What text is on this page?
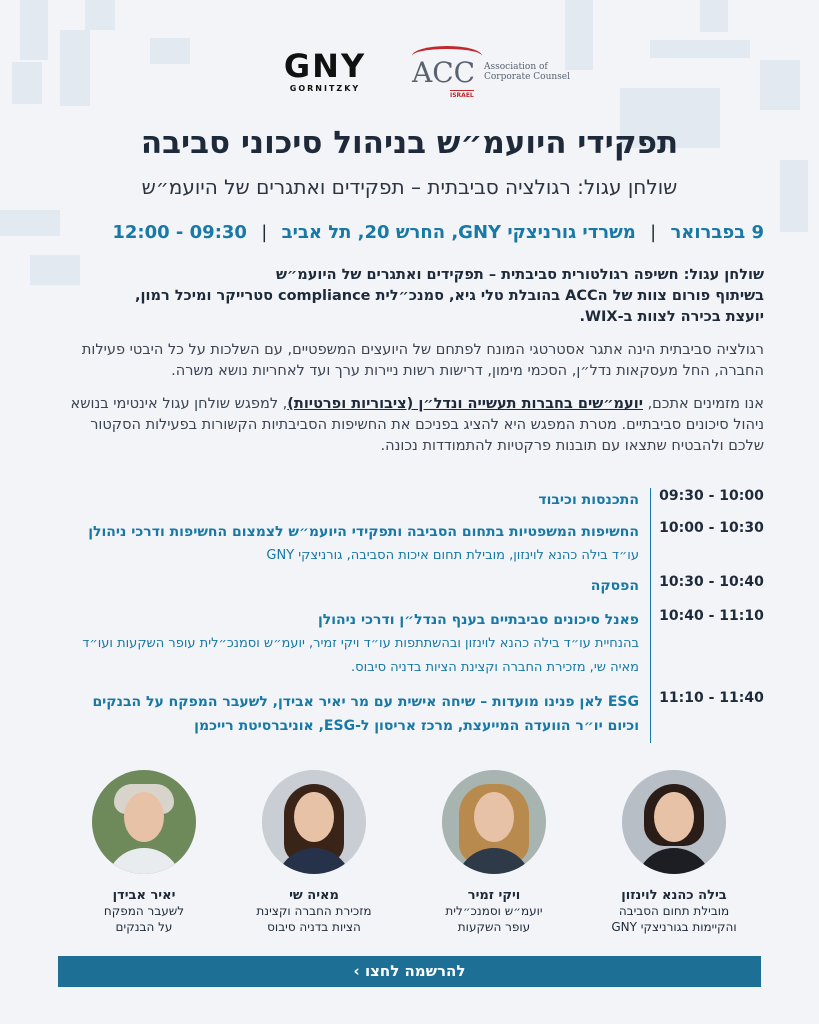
GNY
GORNITZKY	ACC Association of
Corporate Counsel
ISRAEL
תפקידי היועמ״ש בניהול סיכוני סביבה
שולחן עגול: רגולציה סביבתית – תפקידים ואתגרים של היועמ״ש
9 בפברואר | משרדי גורניצקי GNY, החרש 20, תל אביב | 09:30 - 12:00
שולחן עגול: חשיפה רגולטורית סביבתית – תפקידים ואתגרים של היועמ״ש
בשיתוף פורום צוות של הACC בהובלת טלי גיא, סמנכ״לית compliance סטרייקר ומיכל רמון,
יועצת בכירה לצוות ב-WIX.

רגולציה סביבתית הינה אתגר אסטרטגי המונח לפתחם של היועצים המשפטיים, עם השלכות על כל היבטי פעילות החברה, החל מעסקאות נדל״ן, הסכמי מימון, דרישות רשות ניירות ערך ועד לאחריות נושא משרה.

אנו מזמינים אתכם, יועמ״שים בחברות תעשייה ונדל״ן (ציבוריות ופרטיות), למפגש שולחן עגול אינטימי בנושא ניהול סיכונים סביבתיים. מטרת המפגש היא להציג בפניכם את החשיפות הסביבתיות הקשורות בפעילות הסקטור שלכם ולהבטיח שתצאו עם תובנות פרקטיות להתמודדות נכונה.

09:30 - 10:00
התכנסות וכיבוד
10:00 - 10:30
החשיפות המשפטיות בתחום הסביבה ותפקידי היועמ״ש לצמצום החשיפות ודרכי ניהולן
עו״ד בילה כהנא לוינזון, מובילת תחום איכות הסביבה, גורניצקי GNY
10:30 - 10:40
הפסקה
10:40 - 11:10
פאנל סיכונים סביבתיים בענף הנדל״ן ודרכי ניהולן
בהנחיית עו״ד בילה כהנא לוינזון ובהשתתפות עו״ד ויקי זמיר, יועמ״ש וסמנכ״לית עופר השקעות ועו״ד מאיה שי, מזכירת החברה וקצינת הציות בדניה סיבוס.
11:10 - 11:40
ESG לאן פנינו מועדות – שיחה אישית עם מר יאיר אבידן, לשעבר המפקח על הבנקים וכיום יו״ר הוועדה המייעצת, מרכז אריסון ל-ESG, אוניברסיטת רייכמן
בילה כהנא לוינזון
מובילת תחום הסביבה
והקיימות בגורניצקי GNY
ויקי זמיר
יועמ״ש וסמנכ״לית
עופר השקעות
מאיה שי
מזכירת החברה וקצינת
הציות בדניה סיבוס
יאיר אבידן
לשעבר המפקח
על הבנקים
להרשמה לחצו ›
